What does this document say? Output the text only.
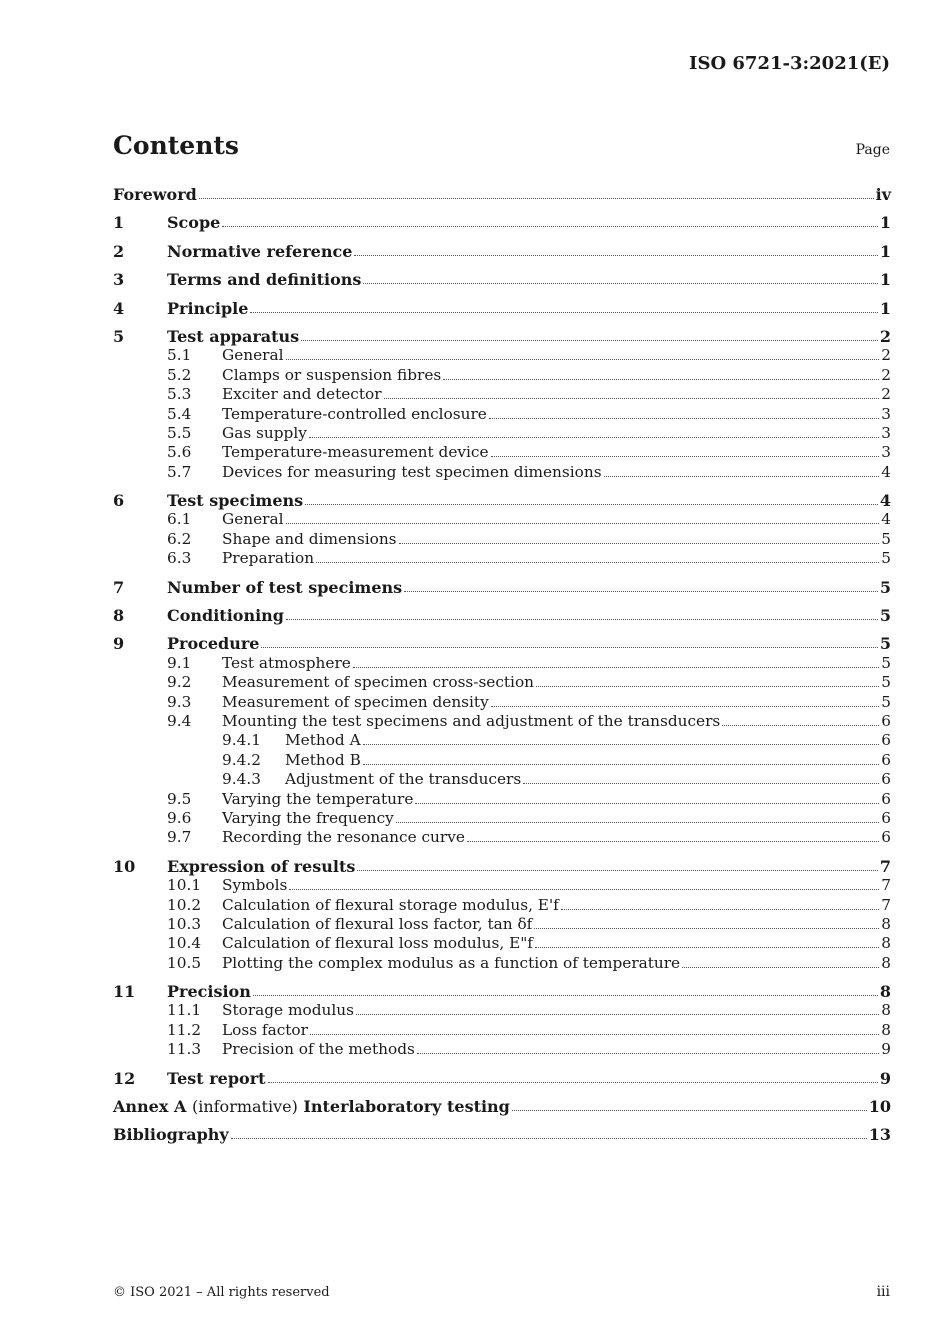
ISO 6721-3:2021(E)
Contents	Page
Foreword	iv
1	Scope	1
2	Normative reference	1
3	Terms and definitions	1
4	Principle	1
5	Test apparatus	2
5.1	General	2
5.2	Clamps or suspension fibres	2
5.3	Exciter and detector	2
5.4	Temperature-controlled enclosure	3
5.5	Gas supply	3
5.6	Temperature-measurement device	3
5.7	Devices for measuring test specimen dimensions	4
6	Test specimens	4
6.1	General	4
6.2	Shape and dimensions	5
6.3	Preparation	5
7	Number of test specimens	5
8	Conditioning	5
9	Procedure	5
9.1	Test atmosphere	5
9.2	Measurement of specimen cross-section	5
9.3	Measurement of specimen density	5
9.4	Mounting the test specimens and adjustment of the transducers	6
9.4.1	Method A	6
9.4.2	Method B	6
9.4.3	Adjustment of the transducers	6
9.5	Varying the temperature	6
9.6	Varying the frequency	6
9.7	Recording the resonance curve	6
10	Expression of results	7
10.1	Symbols	7
10.2	Calculation of flexural storage modulus, E'f	7
10.3	Calculation of flexural loss factor, tan δf	8
10.4	Calculation of flexural loss modulus, E"f	8
10.5	Plotting the complex modulus as a function of temperature	8
11	Precision	8
11.1	Storage modulus	8
11.2	Loss factor	8
11.3	Precision of the methods	9
12	Test report	9
Annex A (informative) Interlaboratory testing	10
Bibliography	13
© ISO 2021 – All rights reserved	iii
